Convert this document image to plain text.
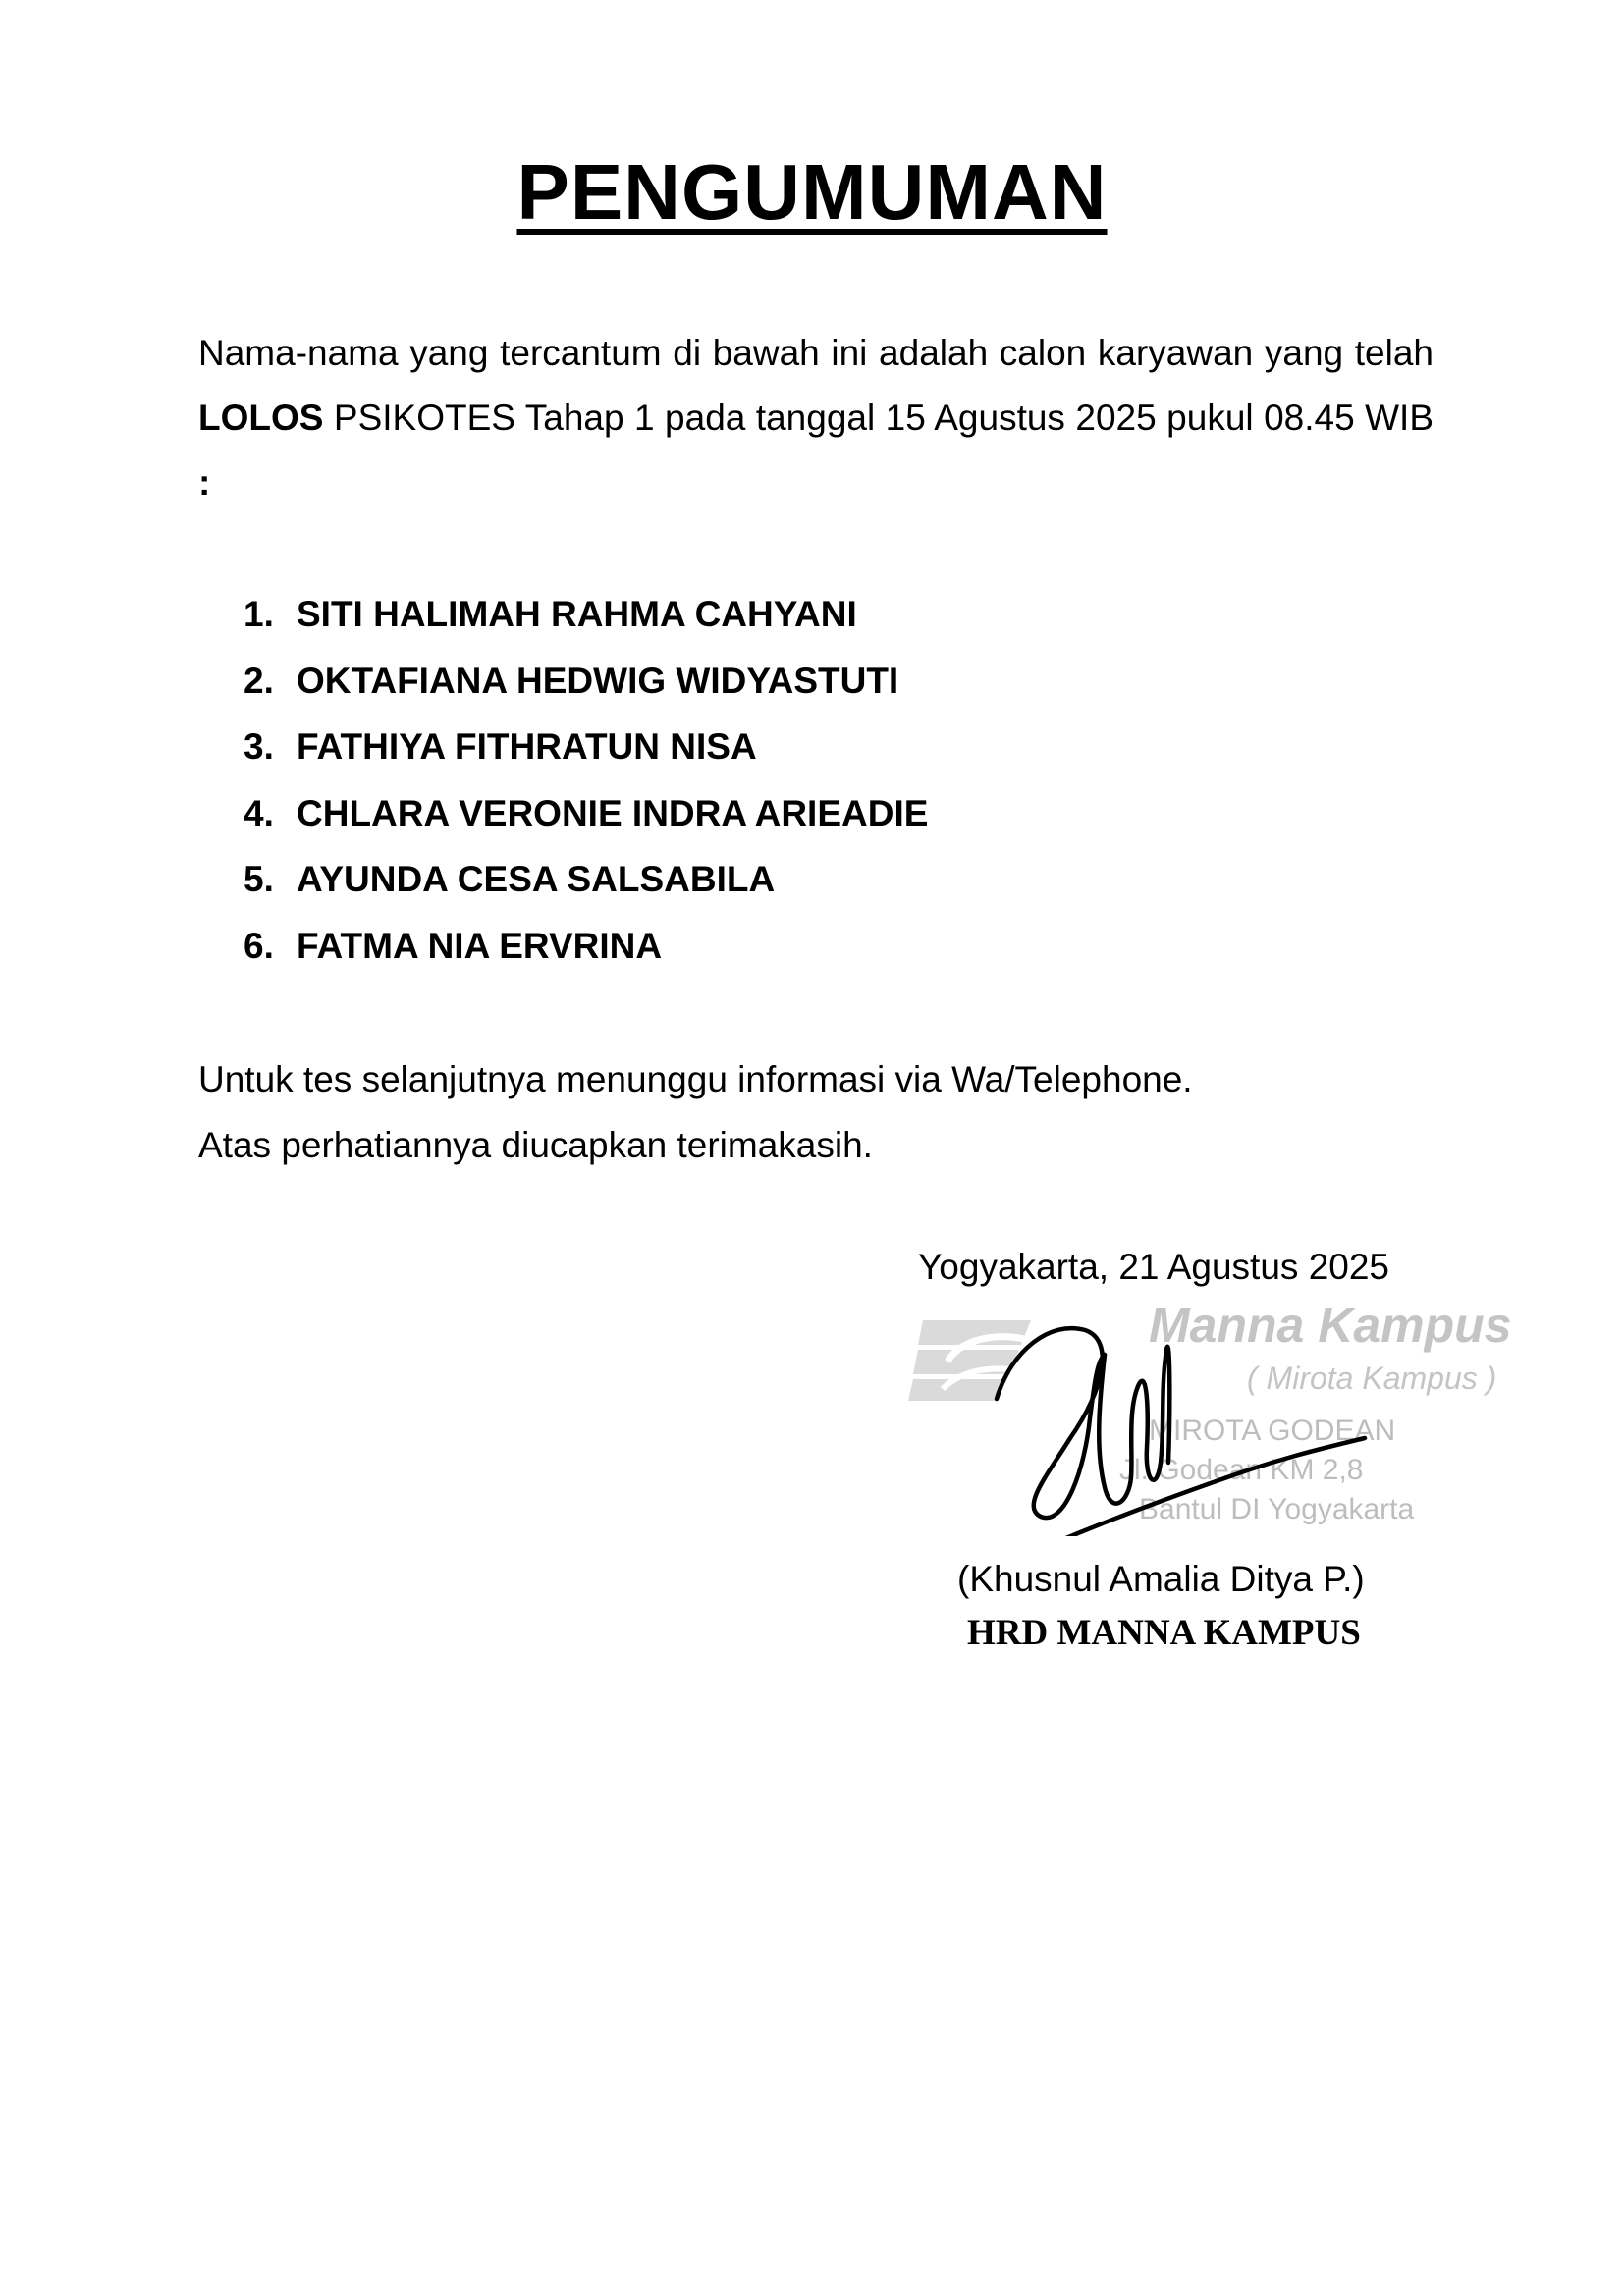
PENGUMUMAN
Nama-nama yang tercantum di bawah ini adalah calon karyawan yang telah LOLOS PSIKOTES Tahap 1 pada tanggal 15 Agustus 2025 pukul 08.45 WIB :
1. SITI HALIMAH RAHMA CAHYANI
2. OKTAFIANA HEDWIG WIDYASTUTI
3. FATHIYA FITHRATUN NISA
4. CHLARA VERONIE INDRA ARIEADIE
5. AYUNDA CESA SALSABILA
6. FATMA NIA ERVRINA
Untuk tes selanjutnya menunggu informasi via Wa/Telephone.
Atas perhatiannya diucapkan terimakasih.
Yogyakarta, 21 Agustus 2025
Manna Kampus
( Mirota Kampus )
MIROTA GODEAN
Jl. Godean KM 2,8
Bantul DI Yogyakarta
(Khusnul Amalia Ditya P.)
HRD MANNA KAMPUS
